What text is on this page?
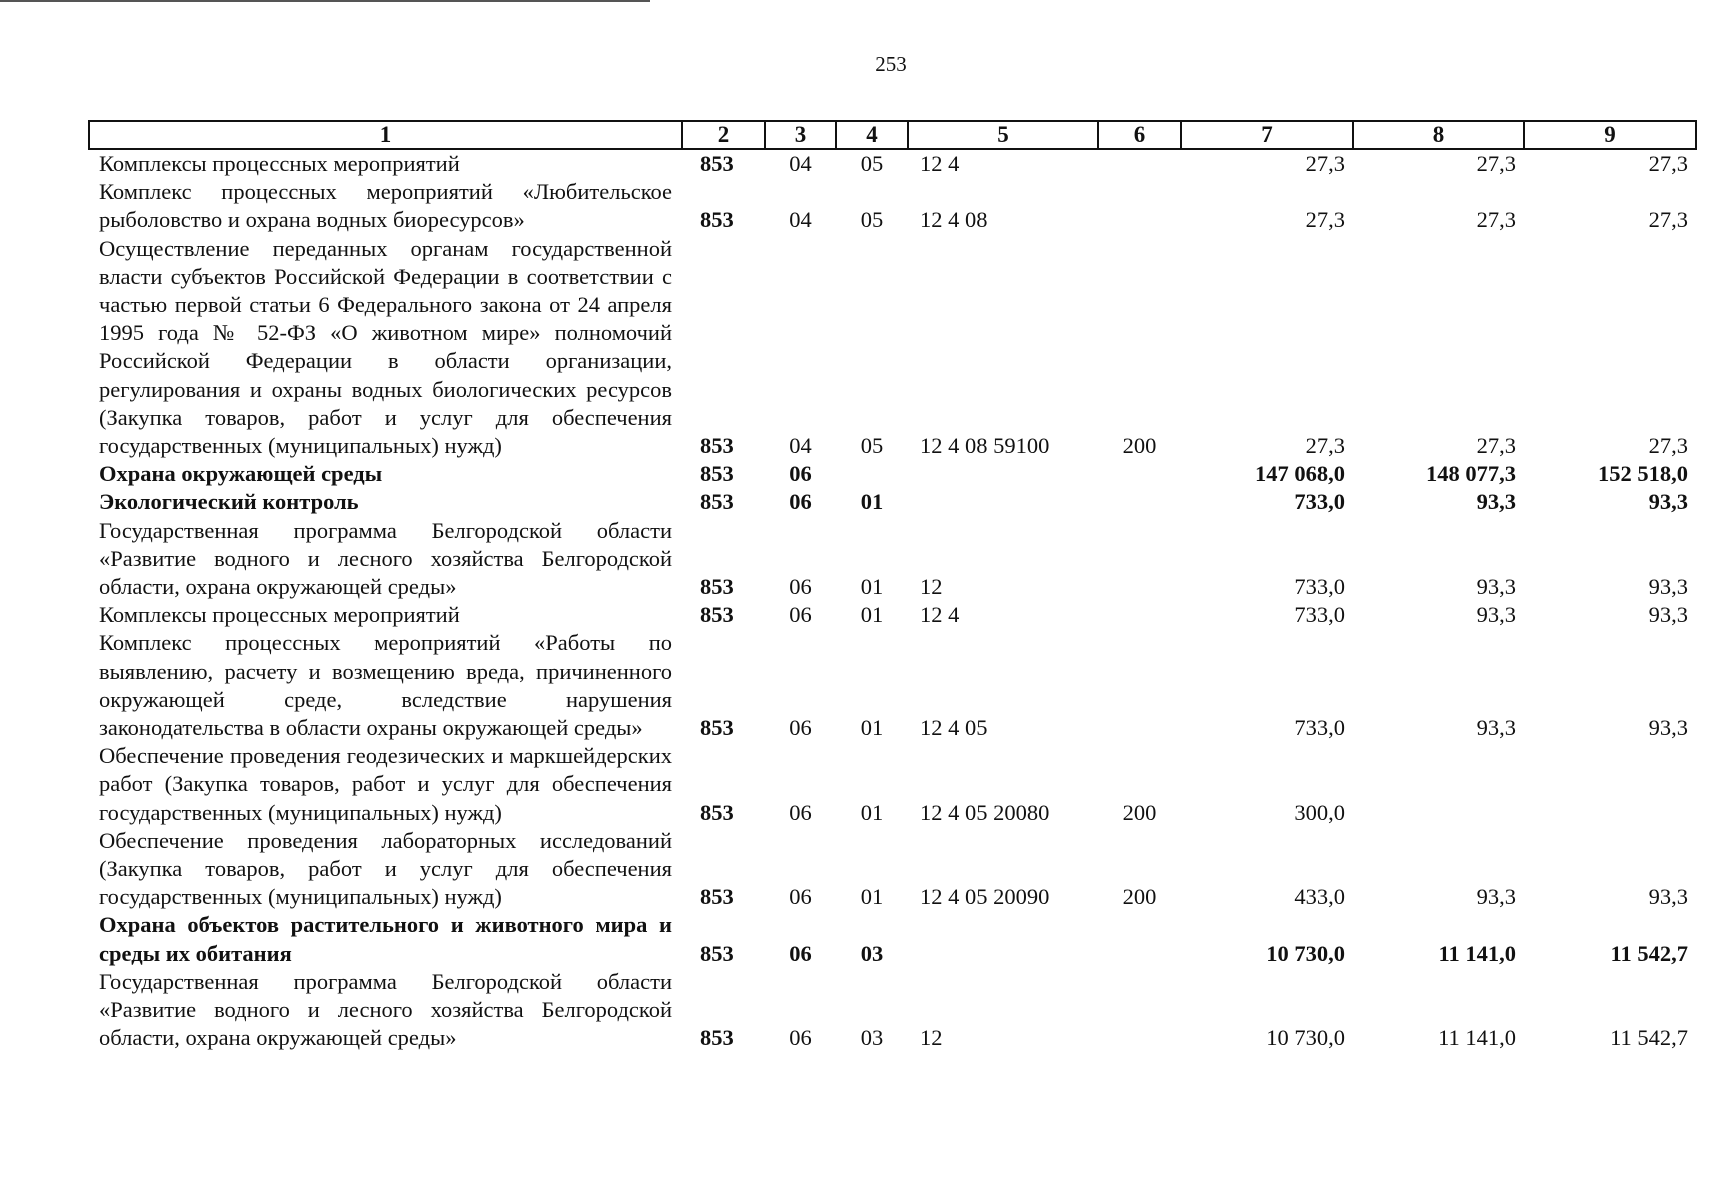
253
1	2	3	4	5	6	7	8	9
Комплексы процессных мероприятий	853	04	05	12 4		27,3	27,3	27,3
Комплекс процессных мероприятий «Любительское рыболовство и охрана водных биоресурсов»	853	04	05	12 4 08		27,3	27,3	27,3
Осуществление переданных органам государственной власти субъектов Российской Федерации в соответствии с частью первой статьи 6 Федерального закона от 24 апреля 1995 года № 52-ФЗ «О животном мире» полномочий Российской Федерации в области организации, регулирования и охраны водных биологических ресурсов (Закупка товаров, работ и услуг для обеспечения государственных (муниципальных) нужд)	853	04	05	12 4 08 59100	200	27,3	27,3	27,3
Охрана окружающей среды	853	06				147 068,0	148 077,3	152 518,0
Экологический контроль	853	06	01			733,0	93,3	93,3
Государственная программа Белгородской области «Развитие водного и лесного хозяйства Белгородской области, охрана окружающей среды»	853	06	01	12		733,0	93,3	93,3
Комплексы процессных мероприятий	853	06	01	12 4		733,0	93,3	93,3
Комплекс процессных мероприятий «Работы по выявлению, расчету и возмещению вреда, причиненного окружающей среде, вследствие нарушения законодательства в области охраны окружающей среды»	853	06	01	12 4 05		733,0	93,3	93,3
Обеспечение проведения геодезических и маркшейдерских работ (Закупка товаров, работ и услуг для обеспечения государственных (муниципальных) нужд)	853	06	01	12 4 05 20080	200	300,0		
Обеспечение проведения лабораторных исследований (Закупка товаров, работ и услуг для обеспечения государственных (муниципальных) нужд)	853	06	01	12 4 05 20090	200	433,0	93,3	93,3
Охрана объектов растительного и животного мира и среды их обитания	853	06	03			10 730,0	11 141,0	11 542,7
Государственная программа Белгородской области «Развитие водного и лесного хозяйства Белгородской области, охрана окружающей среды»	853	06	03	12		10 730,0	11 141,0	11 542,7
